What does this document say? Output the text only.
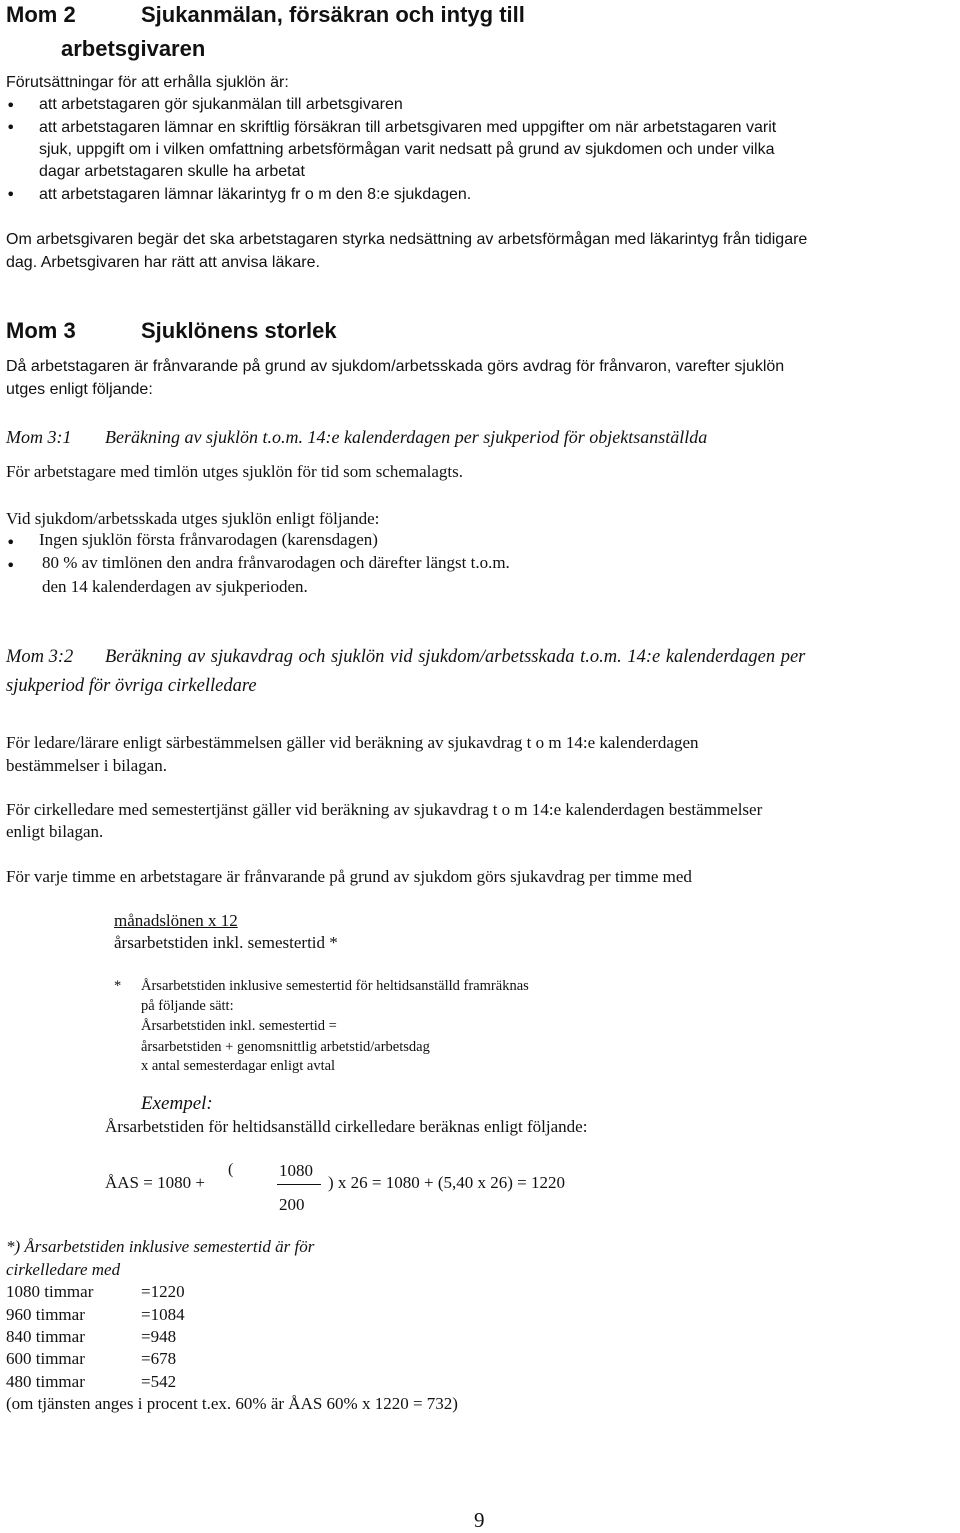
Mom 2	Sjukanmälan, försäkran och intyg till
arbetsgivaren
Förutsättningar för att erhålla sjuklön är:
• att arbetstagaren gör sjukanmälan till arbetsgivaren
• att arbetstagaren lämnar en skriftlig försäkran till arbetsgivaren med uppgifter om när arbetstagaren varit
sjuk, uppgift om i vilken omfattning arbetsförmågan varit nedsatt på grund av sjukdomen och under vilka
dagar arbetstagaren skulle ha arbetat
• att arbetstagaren lämnar läkarintyg fr o m den 8:e sjukdagen.
Om arbetsgivaren begär det ska arbetstagaren styrka nedsättning av arbetsförmågan med läkarintyg från tidigare
dag. Arbetsgivaren har rätt att anvisa läkare.
Mom 3	Sjuklönens storlek
Då arbetstagaren är frånvarande på grund av sjukdom/arbetsskada görs avdrag för frånvaron, varefter sjuklön
utges enligt följande:
Mom 3:1 Beräkning av sjuklön t.o.m. 14:e kalenderdagen per sjukperiod för objektsanställda
För arbetstagare med timlön utges sjuklön för tid som schemalagts.
Vid sjukdom/arbetsskada utges sjuklön enligt följande:
• Ingen sjuklön första frånvarodagen (karensdagen)
• 80 % av timlönen den andra frånvarodagen och därefter längst t.o.m.
den 14 kalenderdagen av sjukperioden.
Mom 3:2 Beräkning av sjukavdrag och sjuklön vid sjukdom/arbetsskada t.o.m. 14:e kalenderdagen per
sjukperiod för övriga cirkelledare
För ledare/lärare enligt särbestämmelsen gäller vid beräkning av sjukavdrag t o m 14:e kalenderdagen
bestämmelser i bilagan.
För cirkelledare med semestertjänst gäller vid beräkning av sjukavdrag t o m 14:e kalenderdagen bestämmelser
enligt bilagan.
För varje timme en arbetstagare är frånvarande på grund av sjukdom görs sjukavdrag per timme med
månadslönen x 12
årsarbetstiden inkl. semestertid *
* Årsarbetstiden inklusive semestertid för heltidsanställd framräknas
på följande sätt:
Årsarbetstiden inkl. semestertid =
årsarbetstiden + genomsnittlig arbetstid/arbetsdag
x antal semesterdagar enligt avtal
Exempel:
Årsarbetstiden för heltidsanställd cirkelledare beräknas enligt följande:
ÅAS = 1080 +
(	1080
200
) x 26 = 1080 + (5,40 x 26) = 1220
*) Årsarbetstiden inklusive semestertid är för
cirkelledare med
1080 timmar	=1220
960 timmar	=1084
840 timmar	=948
600 timmar	=678
480 timmar	=542
(om tjänsten anges i procent t.ex. 60% är ÅAS 60% x 1220 = 732)
9
